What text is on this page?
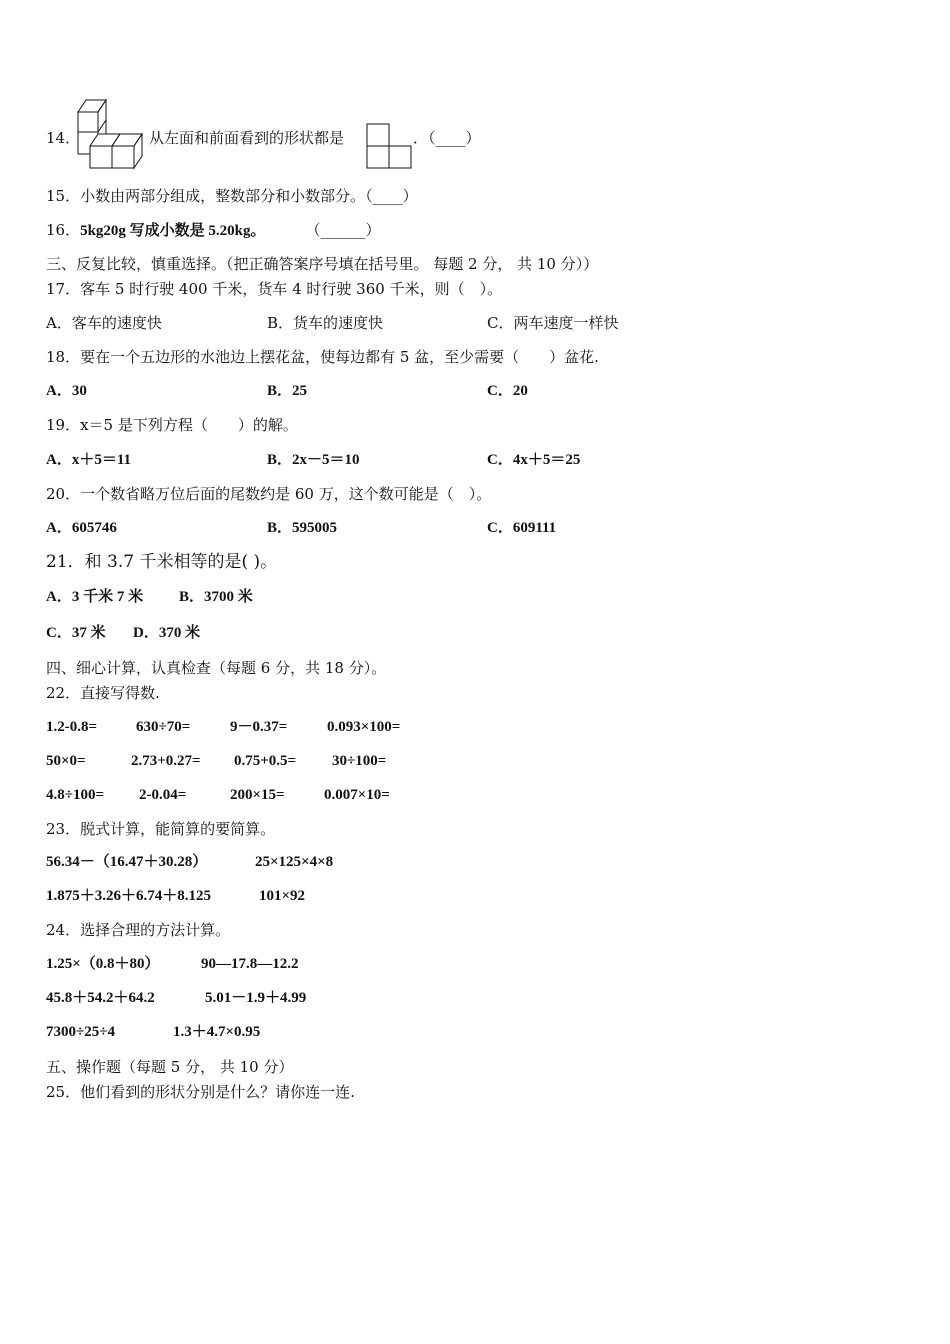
14．	从左面和前面看到的形状都是	．（____）
15．小数由两部分组成，整数部分和小数部分。（____）
16．5kg20g 写成小数是 5.20kg。	（______）
三、反复比较，慎重选择。（把正确答案序号填在括号里。 每题 2 分， 共 10 分））
17．客车 5 时行驶 400 千米，货车 4 时行驶 360 千米，则（　）。
A．客车的速度快	B．货车的速度快	C．两车速度一样快
18．要在一个五边形的水池边上摆花盆，使每边都有 5 盆，至少需要（　　）盆花.
A．30	B．25	C．20
19．x＝5 是下列方程（　　）的解。
A．x＋5＝11	B．2x－5＝10	C．4x＋5＝25
20．一个数省略万位后面的尾数约是 60 万，这个数可能是（　）。
A．605746	B．595005	C．609111
21．和 3.7 千米相等的是( )。
A．3 千米 7 米 B．3700 米
C．37 米 D．370 米
四、细心计算，认真检查（每题 6 分，共 18 分）。
22．直接写得数.
1.2-0.8=	630÷70=	9－0.37=	0.093×100=
50×0=	2.73+0.27= 0.75+0.5= 30÷100=
4.8÷100= 2-0.04=	200×15=	0.007×10=
23．脱式计算，能简算的要简算。
56.34－（16.47＋30.28）	25×125×4×8
1.875＋3.26＋6.74＋8.125	101×92
24．选择合理的方法计算。
1.25×（0.8＋80）	90—17.8—12.2
45.8＋54.2＋64.2	5.01－1.9＋4.99
7300÷25÷4	1.3＋4.7×0.95
五、操作题（每题 5 分， 共 10 分）
25．他们看到的形状分别是什么？请你连一连.
